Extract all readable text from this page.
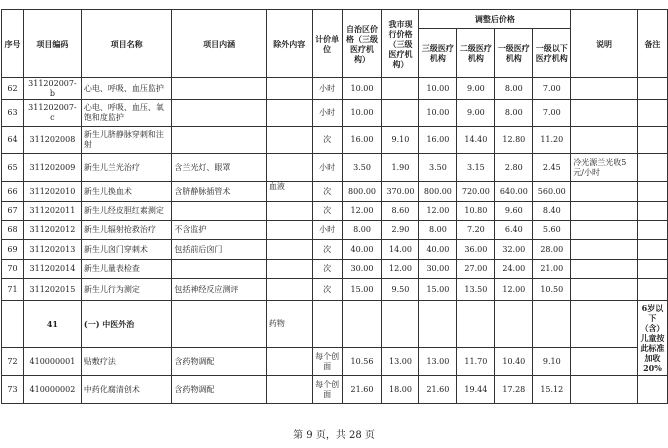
序号	项目编码	项目名称	项目内涵	除外内容	计价单位	自治区价格（三级医疗机构）	我市现行价格（三级医疗机构）	调整后价格				说明	备注
								三级医疗机构	二级医疗机构	一级医疗机构	一级以下医疗机构		
62	311202007-b	心电、呼吸、血压监护			小时	10.00		10.00	9.00	8.00	7.00		
63	311202007-c	心电、呼吸、血压、氧饱和度监护			小时	10.00		10.00	9.00	8.00	7.00		
64	311202008	新生儿脐静脉穿刺和注射			次	16.00	9.10	16.00	14.40	12.80	11.20		
65	311202009	新生儿兰光治疗	含兰光灯、眼罩		小时	3.50	1.90	3.50	3.15	2.80	2.45	冷光源兰光收5元/小时	
66	311202010	新生儿换血术	含脐静脉插管术	血液	次	800.00	370.00	800.00	720.00	640.00	560.00		
67	311202011	新生儿经皮胆红素测定			次	12.00	8.60	12.00	10.80	9.60	8.40		
68	311202012	新生儿辐射抢救治疗	不含监护		小时	8.00	2.90	8.00	7.20	6.40	5.60		
69	311202013	新生儿囟门穿刺术	包括前后囟门		次	40.00	14.00	40.00	36.00	32.00	28.00		
70	311202014	新生儿量表检查			次	30.00	12.00	30.00	27.00	24.00	21.00		
71	311202015	新生儿行为测定	包括神经反应测评		次	15.00	9.50	15.00	13.50	12.00	10.50		
	41	(一) 中医外治		药物									6岁以下（含）儿童按此标准加收20%
72	410000001	贴敷疗法	含药物调配		每个创面	10.56	13.00	13.00	11.70	10.40	9.10		
73	410000002	中药化腐清创术	含药物调配		每个创面	21.60	18.00	21.60	19.44	17.28	15.12		
第 9 页，共 28 页
